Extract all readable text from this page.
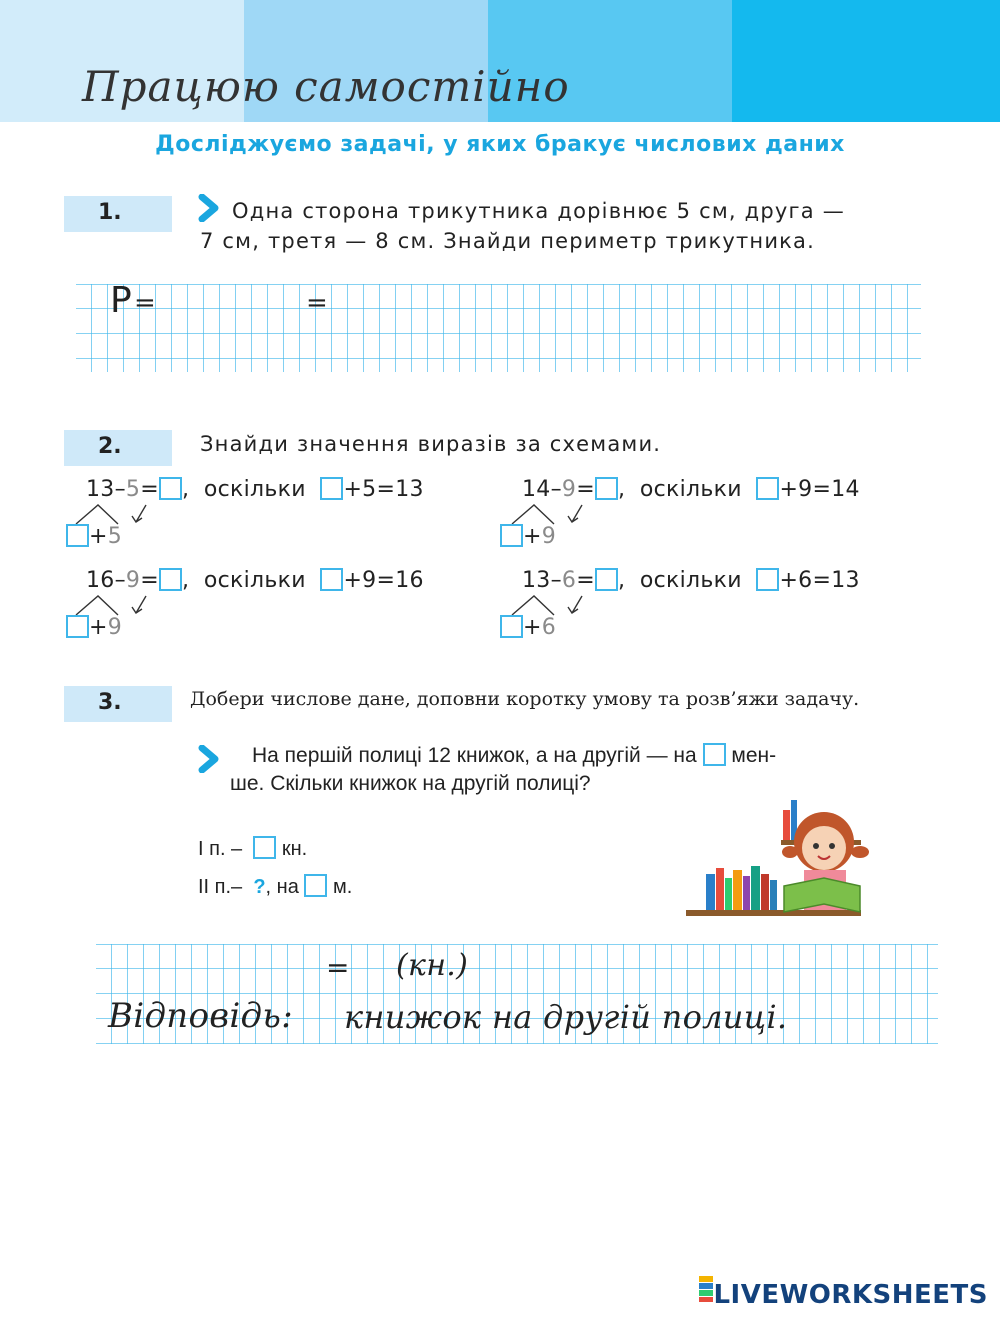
Працюю самостійно
Досліджуємо задачі, у яких бракує числових даних
1.	Одна сторона трикутника дорівнює 5 см, друга —
7 см, третя — 8 см. Знайди периметр трикутника.
P =	=
2.	Знайди значення виразів за схемами.
13–5= ,  оскільки +5=13
+5
14–9= ,  оскільки +9=14
+9
16–9= ,  оскільки +9=16
+9
13–6= ,  оскільки +6=13
+6
3.	Добери числове дане, доповни коротку умову та розв’яжи задачу.
На першій полиці 12 книжок, а на другій — на мен-
ше. Скільки книжок на другій полиці?
І п. – кн.
ІІ п.– ?, на м.
= (кн.)
Відповідь: книжок на другій полиці.
LIVEWORKSHEETS
